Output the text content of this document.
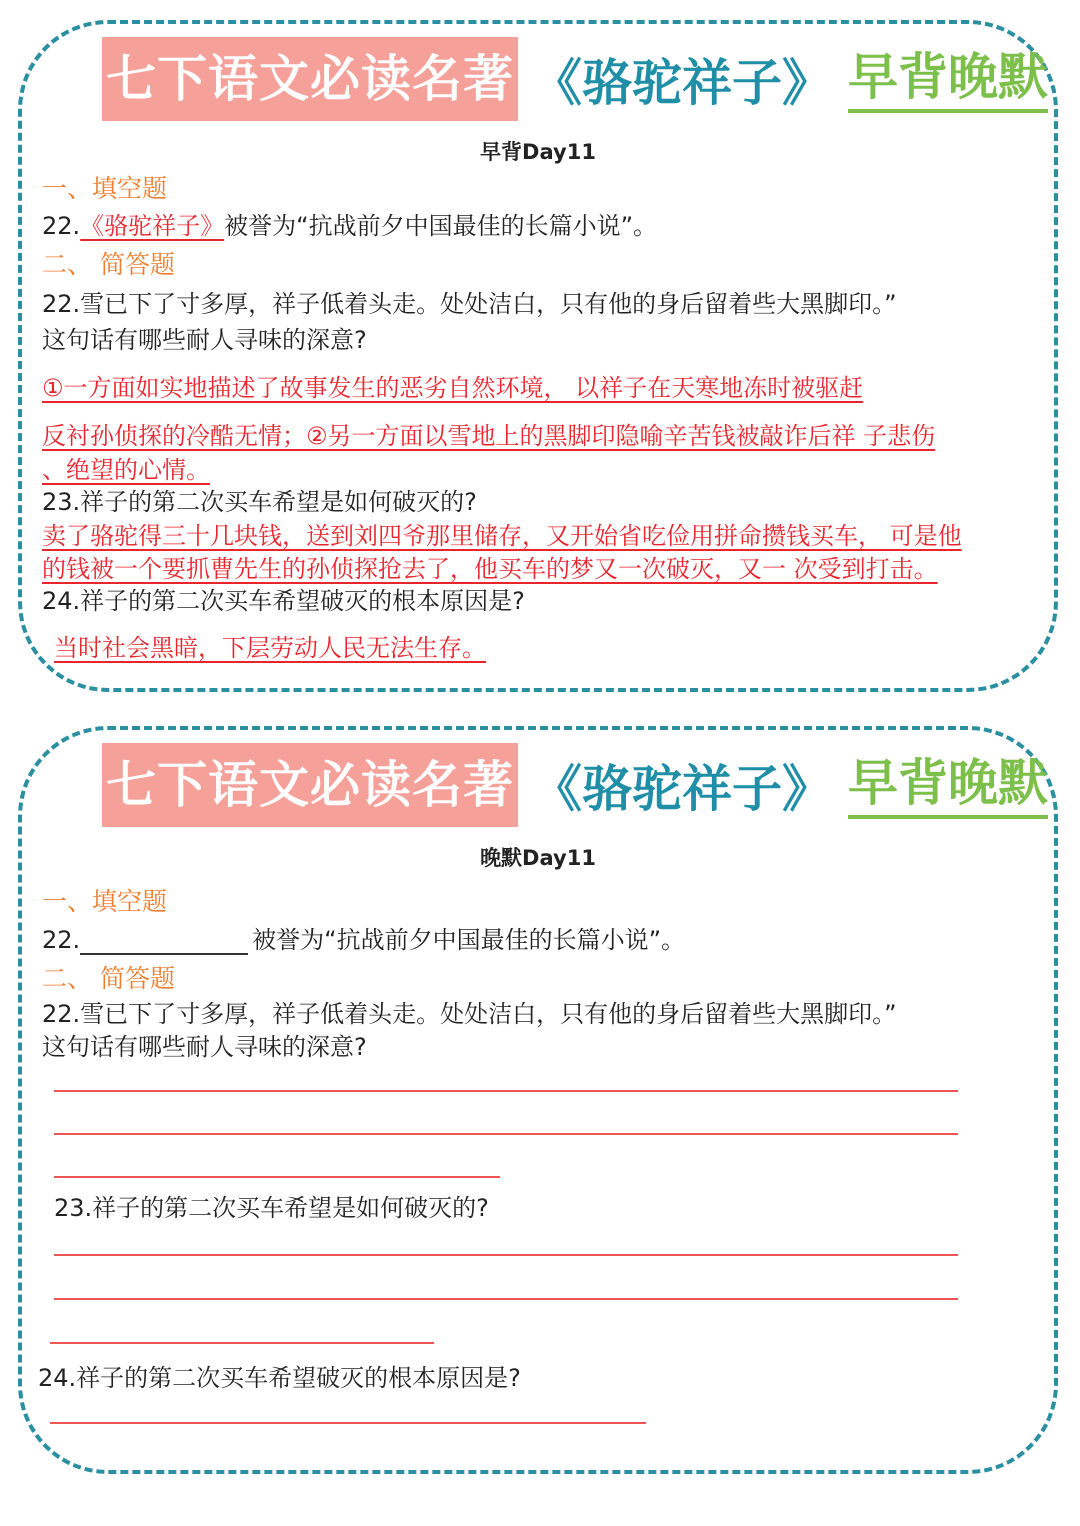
七下语文必读名著 《骆驼祥子》 早背晚默
早背Day11
一、填空题
22.《骆驼祥子》被誉为“抗战前夕中国最佳的长篇小说”。
二、 简答题
22.雪已下了寸多厚，祥子低着头走。处处洁白，只有他的身后留着些大黑脚印。”
这句话有哪些耐人寻味的深意?
①一方面如实地描述了故事发生的恶劣自然环境， 以祥子在天寒地冻时被驱赶
反衬孙侦探的冷酷无情；②另一方面以雪地上的黑脚印隐喻辛苦钱被敲诈后祥 子悲伤
、绝望的心情。
23.祥子的第二次买车希望是如何破灭的?
卖了骆驼得三十几块钱，送到刘四爷那里储存，又开始省吃俭用拼命攒钱买车， 可是他
的钱被一个要抓曹先生的孙侦探抢去了，他买车的梦又一次破灭，又一 次受到打击。
24.祥子的第二次买车希望破灭的根本原因是?
当时社会黑暗，下层劳动人民无法生存。
七下语文必读名著 《骆驼祥子》 早背晚默
晚默Day11
一、填空题
22.	被誉为“抗战前夕中国最佳的长篇小说”。
二、 简答题
22.雪已下了寸多厚，祥子低着头走。处处洁白，只有他的身后留着些大黑脚印。”
这句话有哪些耐人寻味的深意?
23.祥子的第二次买车希望是如何破灭的?
24.祥子的第二次买车希望破灭的根本原因是?
